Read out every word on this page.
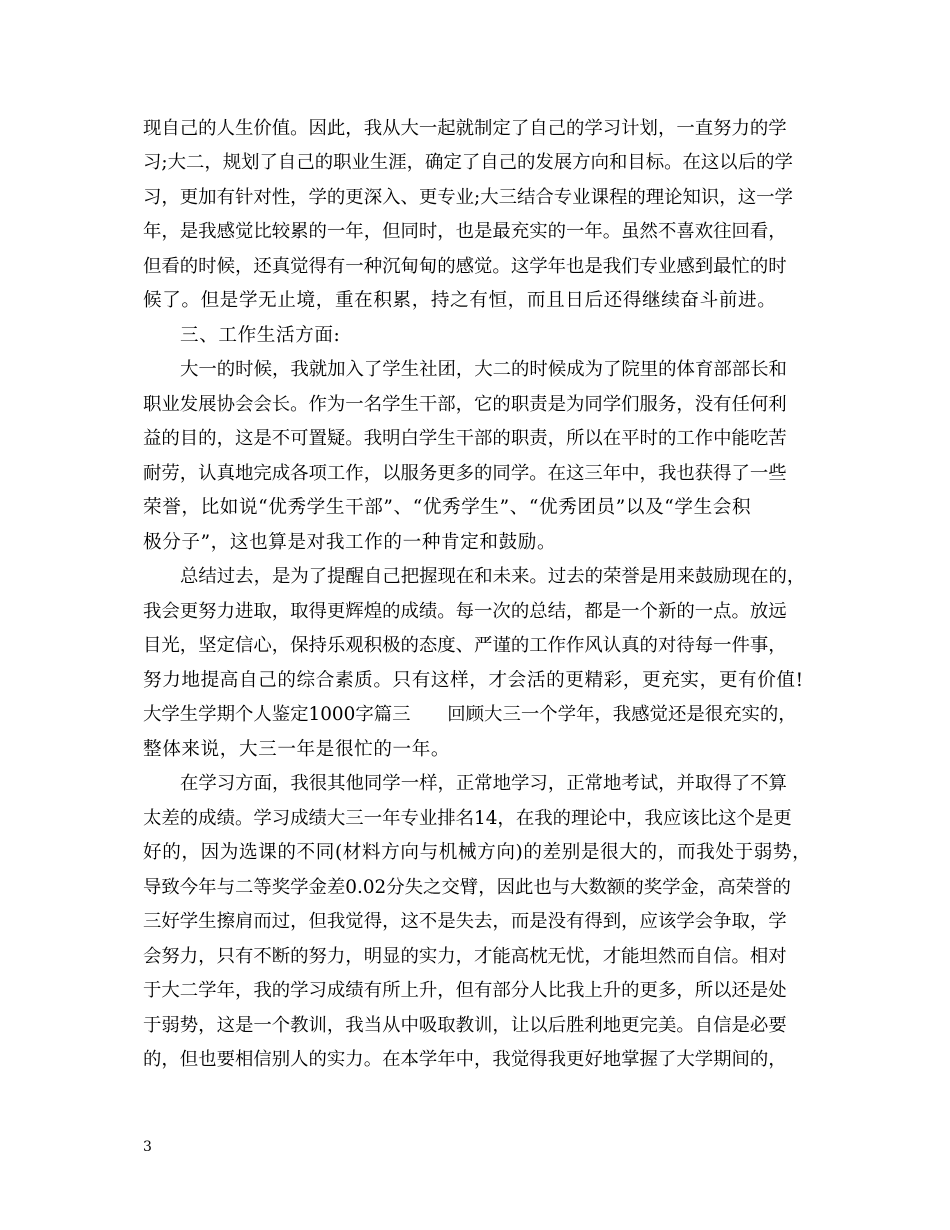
现自己的人生价值。因此，我从大一起就制定了自己的学习计划，一直努力的学
习;大二，规划了自己的职业生涯，确定了自己的发展方向和目标。在这以后的学
习，更加有针对性，学的更深入、更专业;大三结合专业课程的理论知识，这一学
年，是我感觉比较累的一年，但同时，也是最充实的一年。虽然不喜欢往回看，
但看的时候，还真觉得有一种沉甸甸的感觉。这学年也是我们专业感到最忙的时
候了。但是学无止境，重在积累，持之有恒，而且日后还得继续奋斗前进。
三、工作生活方面:
大一的时候，我就加入了学生社团，大二的时候成为了院里的体育部部长和
职业发展协会会长。作为一名学生干部，它的职责是为同学们服务，没有任何利
益的目的，这是不可置疑。我明白学生干部的职责，所以在平时的工作中能吃苦
耐劳，认真地完成各项工作，以服务更多的同学。在这三年中，我也获得了一些
荣誉，比如说“优秀学生干部”、“优秀学生”、“优秀团员”以及“学生会积
极分子”，这也算是对我工作的一种肯定和鼓励。
总结过去，是为了提醒自己把握现在和未来。过去的荣誉是用来鼓励现在的，
我会更努力进取，取得更辉煌的成绩。每一次的总结，都是一个新的一点。放远
目光，坚定信心，保持乐观积极的态度、严谨的工作作风认真的对待每一件事，
努力地提高自己的综合素质。只有这样，才会活的更精彩，更充实，更有价值!
大学生学期个人鉴定1000字篇三　　回顾大三一个学年，我感觉还是很充实的，
整体来说，大三一年是很忙的一年。
在学习方面，我很其他同学一样，正常地学习，正常地考试，并取得了不算
太差的成绩。学习成绩大三一年专业排名14，在我的理论中，我应该比这个是更
好的，因为选课的不同(材料方向与机械方向)的差别是很大的，而我处于弱势，
导致今年与二等奖学金差0.02分失之交臂，因此也与大数额的奖学金，高荣誉的
三好学生擦肩而过，但我觉得，这不是失去，而是没有得到，应该学会争取，学
会努力，只有不断的努力，明显的实力，才能高枕无忧，才能坦然而自信。相对
于大二学年，我的学习成绩有所上升，但有部分人比我上升的更多，所以还是处
于弱势，这是一个教训，我当从中吸取教训，让以后胜利地更完美。自信是必要
的，但也要相信别人的实力。在本学年中，我觉得我更好地掌握了大学期间的，
3
